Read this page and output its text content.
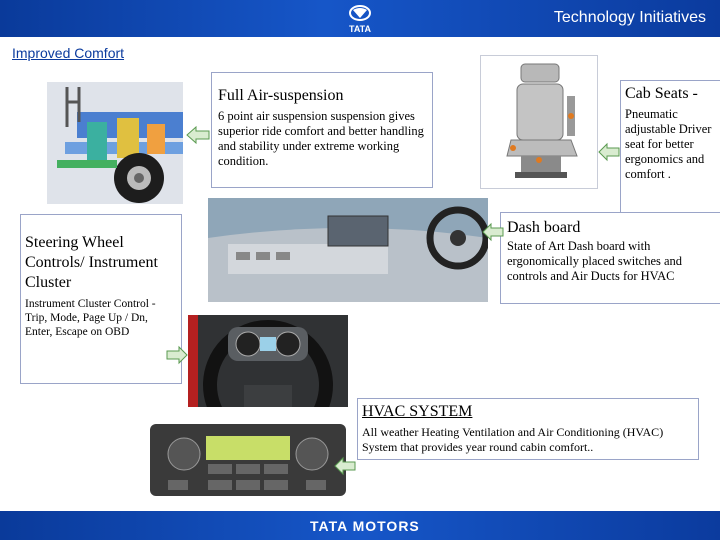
TATA
Technology Initiatives
Improved Comfort
Full Air-suspension
6 point air suspension suspension gives superior ride comfort and better handling and stability under extreme working condition.
Cab Seats -
Pneumatic adjustable Driver seat for better ergonomics and comfort .
Dash board
State of Art Dash board with ergonomically placed switches and controls and Air Ducts for HVAC
Steering Wheel Controls/ Instrument Cluster
Instrument Cluster Control - Trip, Mode, Page Up / Dn, Enter, Escape on OBD
HVAC SYSTEM
All weather Heating Ventilation and Air Conditioning (HVAC) System that provides year round cabin comfort..
TATA MOTORS
